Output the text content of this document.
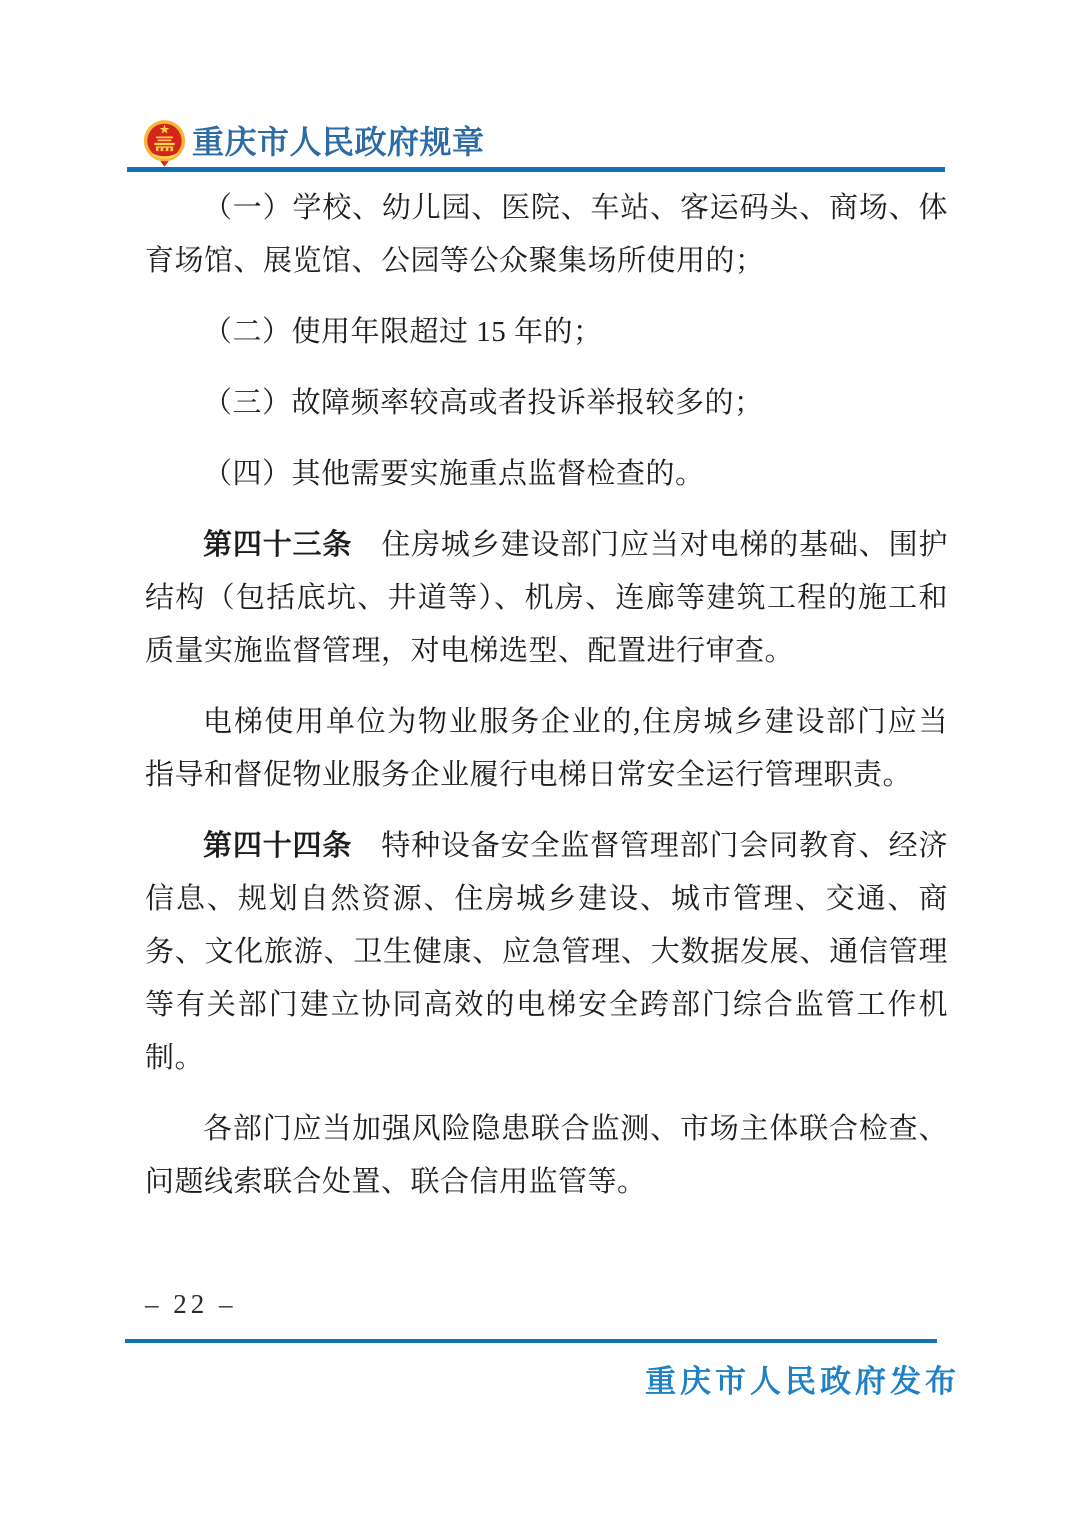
重庆市人民政府规章

（一）学校、幼儿园、医院、车站、客运码头、商场、体育场馆、展览馆、公园等公众聚集场所使用的；

（二）使用年限超过 15 年的；

（三）故障频率较高或者投诉举报较多的；

（四）其他需要实施重点监督检查的。

第四十三条 住房城乡建设部门应当对电梯的基础、围护结构（包括底坑、井道等）、机房、连廊等建筑工程的施工和质量实施监督管理，对电梯选型、配置进行审查。

电梯使用单位为物业服务企业的,住房城乡建设部门应当指导和督促物业服务企业履行电梯日常安全运行管理职责。

第四十四条 特种设备安全监督管理部门会同教育、经济信息、规划自然资源、住房城乡建设、城市管理、交通、商务、文化旅游、卫生健康、应急管理、大数据发展、通信管理等有关部门建立协同高效的电梯安全跨部门综合监管工作机制。

各部门应当加强风险隐患联合监测、市场主体联合检查、问题线索联合处置、联合信用监管等。

– 22 –
重庆市人民政府发布
